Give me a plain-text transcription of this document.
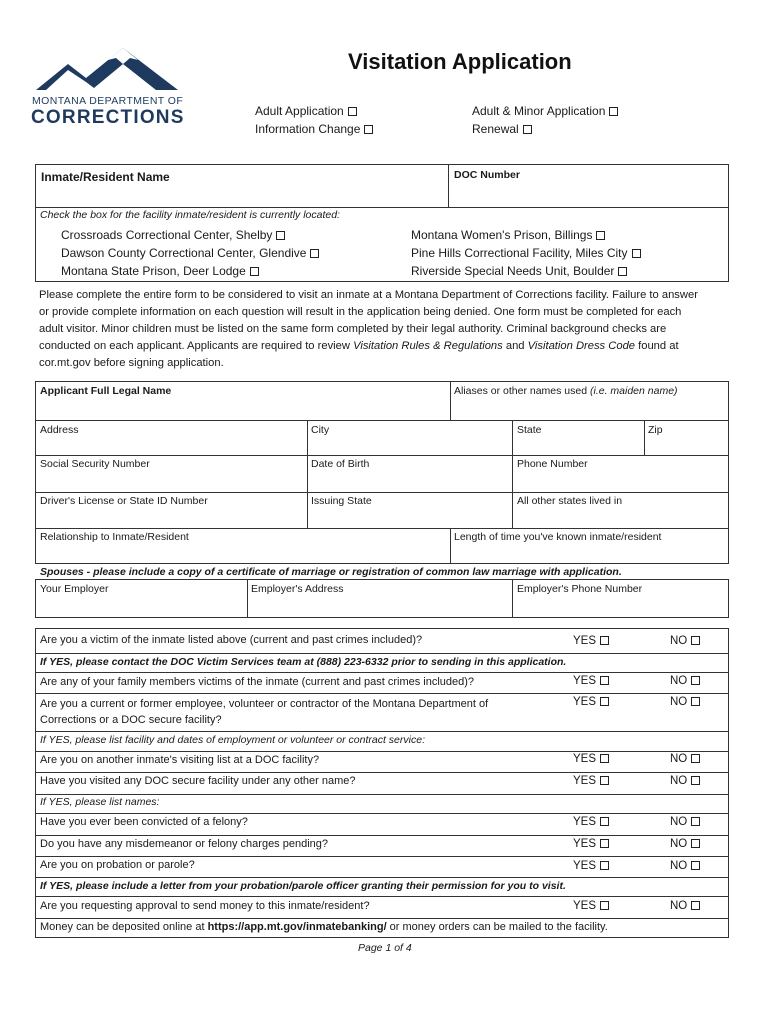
MONTANA DEPARTMENT OF
CORRECTIONS
Visitation Application
Adult Application	Adult & Minor Application
Information Change	Renewal
Inmate/Resident Name	DOC Number
Check the box for the facility inmate/resident is currently located:
Crossroads Correctional Center, Shelby
Dawson County Correctional Center, Glendive
Montana State Prison, Deer Lodge
Montana Women's Prison, Billings
Pine Hills Correctional Facility, Miles City
Riverside Special Needs Unit, Boulder
Please complete the entire form to be considered to visit an inmate at a Montana Department of Corrections facility. Failure to answer
or provide complete information on each question will result in the application being denied. One form must be completed for each
adult visitor. Minor children must be listed on the same form completed by their legal authority. Criminal background checks are
conducted on each applicant. Applicants are required to review Visitation Rules & Regulations and Visitation Dress Code found at
cor.mt.gov before signing application.
Applicant Full Legal Name	Aliases or other names used (i.e. maiden name)
Address	City	State	Zip
Social Security Number	Date of Birth	Phone Number
Driver's License or State ID Number	Issuing State	All other states lived in
Relationship to Inmate/Resident	Length of time you've known inmate/resident
Spouses - please include a copy of a certificate of marriage or registration of common law marriage with application.
Your Employer	Employer's Address	Employer's Phone Number
Are you a victim of the inmate listed above (current and past crimes included)?	YES	NO
If YES, please contact the DOC Victim Services team at (888) 223-6332 prior to sending in this application.
Are any of your family members victims of the inmate (current and past crimes included)?	YES	NO
Are you a current or former employee, volunteer or contractor of the Montana Department of
Corrections or a DOC secure facility?
YES	NO
If YES, please list facility and dates of employment or volunteer or contract service:
Are you on another inmate's visiting list at a DOC facility?	YES	NO
Have you visited any DOC secure facility under any other name?	YES	NO
If YES, please list names:
Have you ever been convicted of a felony?	YES	NO
Do you have any misdemeanor or felony charges pending?	YES	NO
Are you on probation or parole?	YES	NO
If YES, please include a letter from your probation/parole officer granting their permission for you to visit.
Are you requesting approval to send money to this inmate/resident?	YES	NO
Money can be deposited online at https://app.mt.gov/inmatebanking/ or money orders can be mailed to the facility.
Page 1 of 4
